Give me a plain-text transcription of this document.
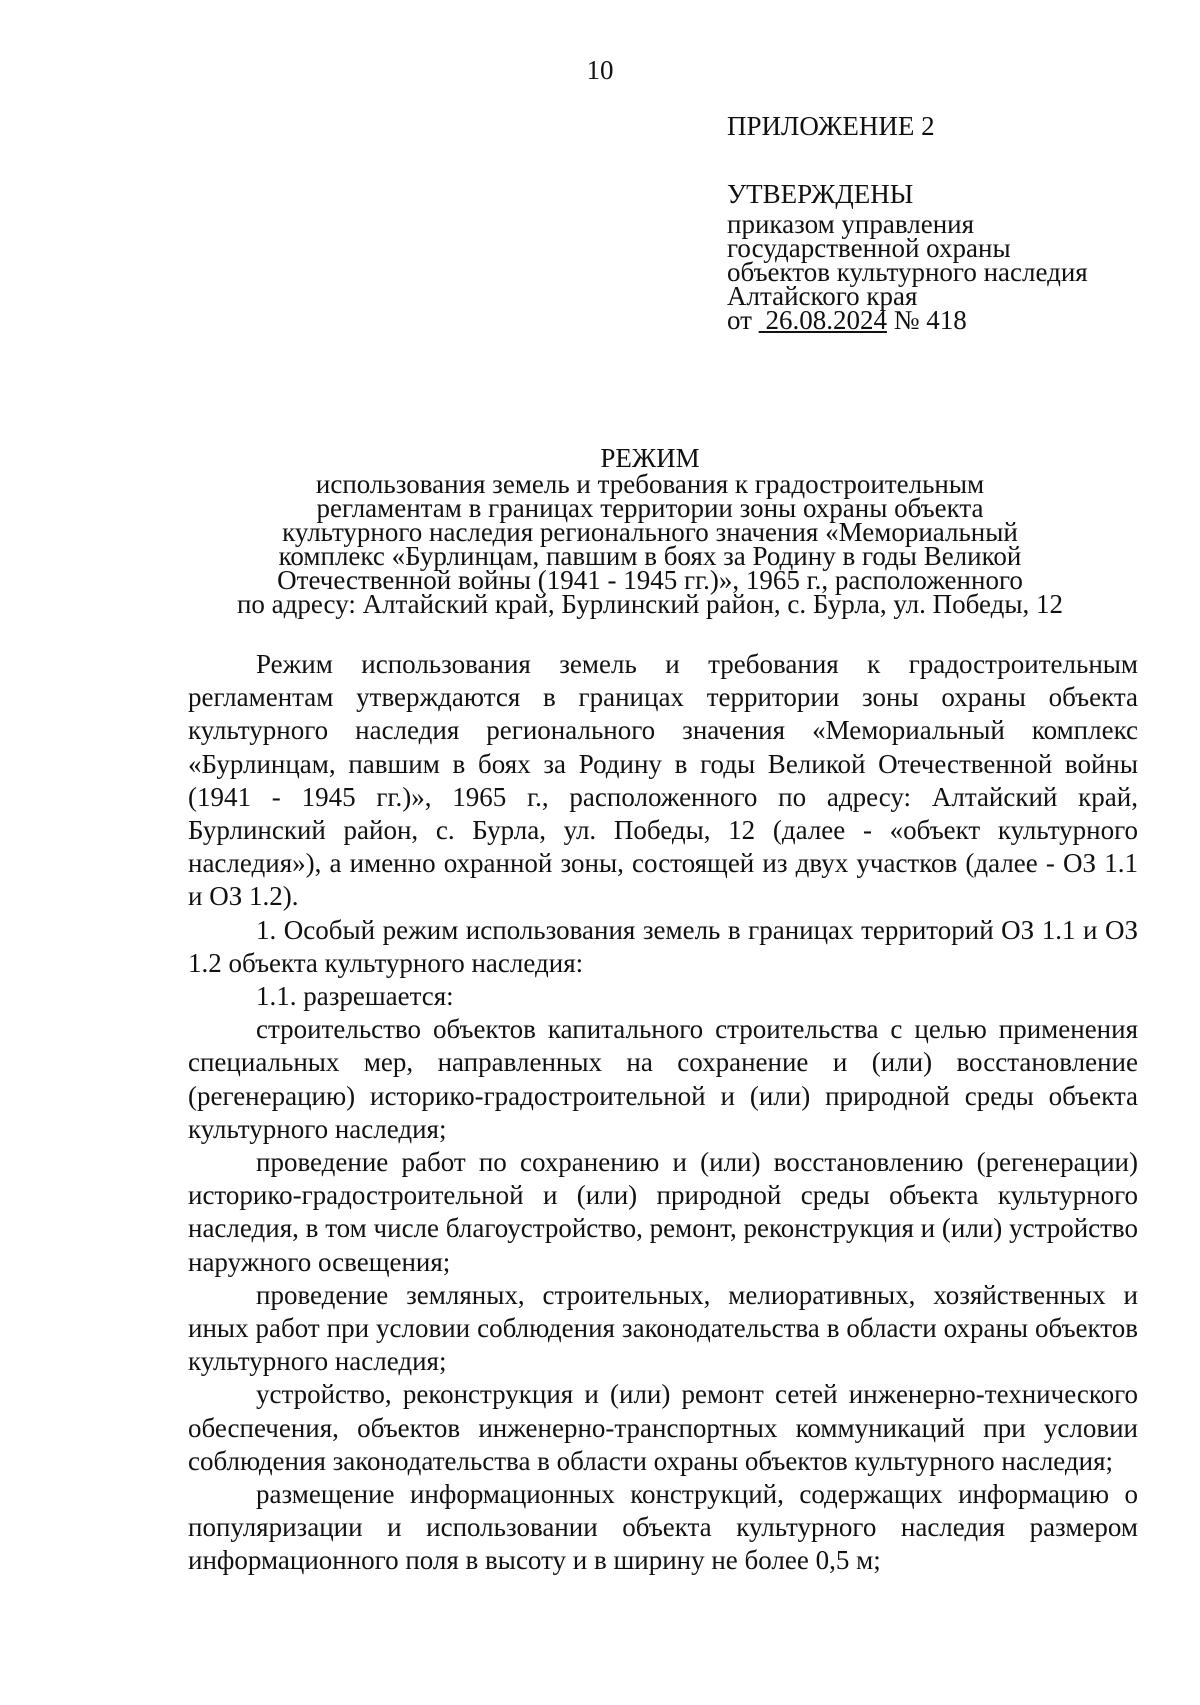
10
ПРИЛОЖЕНИЕ 2
УТВЕРЖДЕНЫ
приказом управления
государственной охраны
объектов культурного наследия
Алтайского края
от 26.08.2024 № 418
РЕЖИМ
использования земель и требования к градостроительным
регламентам в границах территории зоны охраны объекта
культурного наследия регионального значения «Мемориальный
комплекс «Бурлинцам, павшим в боях за Родину в годы Великой
Отечественной войны (1941 - 1945 гг.)», 1965 г., расположенного
по адресу: Алтайский край, Бурлинский район, с. Бурла, ул. Победы, 12

Режим использования земель и требования к градостроительным регламентам утверждаются в границах территории зоны охраны объекта культурного наследия регионального значения «Мемориальный комплекс «Бурлинцам, павшим в боях за Родину в годы Великой Отечественной войны (1941 - 1945 гг.)», 1965 г., расположенного по адресу: Алтайский край, Бурлинский район, с. Бурла, ул. Победы, 12 (далее - «объект культурного наследия»), а именно охранной зоны, состоящей из двух участков (далее - ОЗ 1.1 и ОЗ 1.2).

1. Особый режим использования земель в границах территорий ОЗ 1.1 и ОЗ 1.2 объекта культурного наследия:

1.1. разрешается:

строительство объектов капитального строительства с целью применения специальных мер, направленных на сохранение и (или) восстановление (регенерацию) историко-градостроительной и (или) природной среды объекта культурного наследия;

проведение работ по сохранению и (или) восстановлению (регенерации) историко-градостроительной и (или) природной среды объекта культурного наследия, в том числе благоустройство, ремонт, реконструкция и (или) устройство наружного освещения;

проведение земляных, строительных, мелиоративных, хозяйственных и иных работ при условии соблюдения законодательства в области охраны объектов культурного наследия;

устройство, реконструкция и (или) ремонт сетей инженерно-технического обеспечения, объектов инженерно-транспортных коммуникаций при условии соблюдения законодательства в области охраны объектов культурного наследия;

размещение информационных конструкций, содержащих информацию о популяризации и использовании объекта культурного наследия размером информационного поля в высоту и в ширину не более 0,5 м;
